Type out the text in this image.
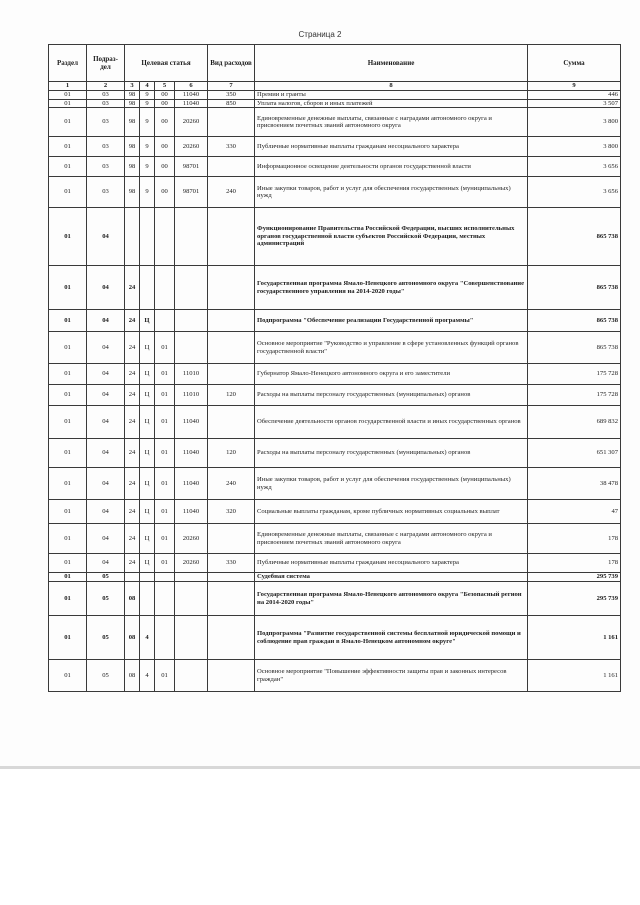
Страница 2
Раздел	Подраз-дел	Целевая статья				Вид расходов	Наименование	Сумма
1	2	3	4	5	6	7	8	9
01	03	98	9	00	11040	350	Премии и гранты	446
01	03	98	9	00	11040	850	Уплата налогов, сборов и иных платежей	3 507
01	03	98	9	00	20260		Единовременные денежные выплаты, связанные с наградами автономного округа и присвоением почетных званий автономного округа	3 800
01	03	98	9	00	20260	330	Публичные нормативные выплаты гражданам несоциального характера	3 800
01	03	98	9	00	98701		Информационное освещение деятельности органов государственной власти	3 656
01	03	98	9	00	98701	240	Иные закупки товаров, работ и услуг для обеспечения государственных (муниципальных) нужд	3 656
01	04						Функционирование Правительства Российской Федерации, высших исполнительных органов государственной власти субъектов Российской Федерации, местных администраций	865 738
01	04	24					Государственная программа Ямало-Ненецкого автономного округа "Совершенствование государственного управления на 2014-2020 годы"	865 738
01	04	24	Ц				Подпрограмма "Обеспечение реализации Государственной программы"	865 738
01	04	24	Ц	01			Основное мероприятие "Руководство и управление в сфере установленных функций органов государственной власти"	865 738
01	04	24	Ц	01	11010		Губернатор Ямало-Ненецкого автономного округа и его заместители	175 728
01	04	24	Ц	01	11010	120	Расходы на выплаты персоналу государственных (муниципальных) органов	175 728
01	04	24	Ц	01	11040		Обеспечение деятельности органов государственной власти и иных государственных органов	689 832
01	04	24	Ц	01	11040	120	Расходы на выплаты персоналу государственных (муниципальных) органов	651 307
01	04	24	Ц	01	11040	240	Иные закупки товаров, работ и услуг для обеспечения государственных (муниципальных) нужд	38 478
01	04	24	Ц	01	11040	320	Социальные выплаты гражданам, кроме публичных нормативных социальных выплат	47
01	04	24	Ц	01	20260		Единовременные денежные выплаты, связанные с наградами автономного округа и присвоением почетных званий автономного округа	178
01	04	24	Ц	01	20260	330	Публичные нормативные выплаты гражданам несоциального характера	178
01	05						Судебная система	295 739
01	05	08					Государственная программа Ямало-Ненецкого автономного округа "Безопасный регион на 2014-2020 годы"	295 739
01	05	08	4				Подпрограмма "Развитие государственной системы бесплатной юридической помощи и соблюдение прав граждан в Ямало-Ненецком автономном округе"	1 161
01	05	08	4	01			Основное мероприятие "Повышение эффективности защиты прав и законных интересов граждан"	1 161
